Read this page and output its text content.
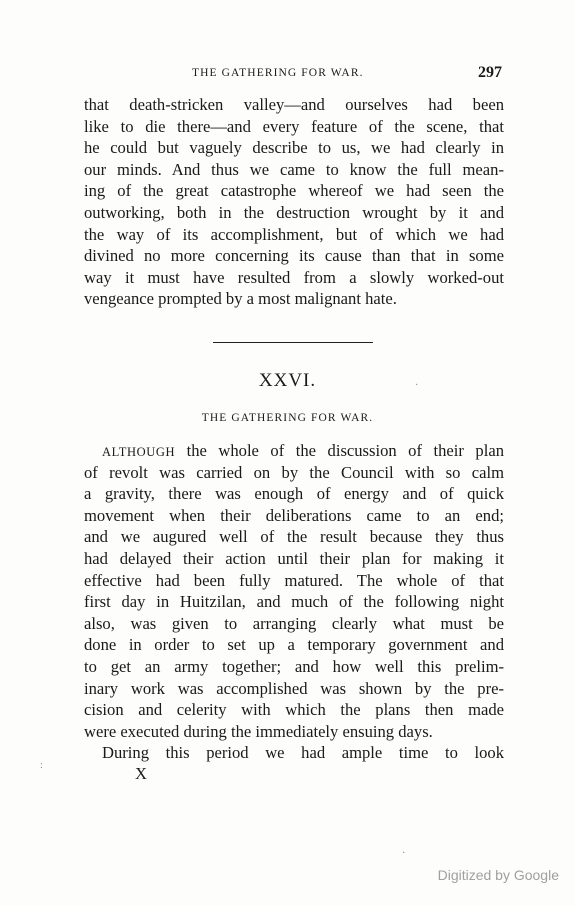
THE GATHERING FOR WAR.	297
that death-stricken valley—and ourselves had been
like to die there—and every feature of the scene, that
he could but vaguely describe to us, we had clearly in
our minds. And thus we came to know the full mean-
ing of the great catastrophe whereof we had seen the
outworking, both in the destruction wrought by it and
the way of its accomplishment, but of which we had
divined no more concerning its cause than that in some
way it must have resulted from a slowly worked-out
vengeance prompted by a most malignant hate.
XXVI.
THE GATHERING FOR WAR.
ALTHOUGH the whole of the discussion of their plan
of revolt was carried on by the Council with so calm
a gravity, there was enough of energy and of quick
movement when their deliberations came to an end;
and we augured well of the result because they thus
had delayed their action until their plan for making it
effective had been fully matured. The whole of that
first day in Huitzilan, and much of the following night
also, was given to arranging clearly what must be
done in order to set up a temporary government and
to get an army together; and how well this prelim-
inary work was accomplished was shown by the pre-
cision and celerity with which the plans then made
were executed during the immediately ensuing days.
During this period we had ample time to look
X
·
:
·
Digitized by Google
